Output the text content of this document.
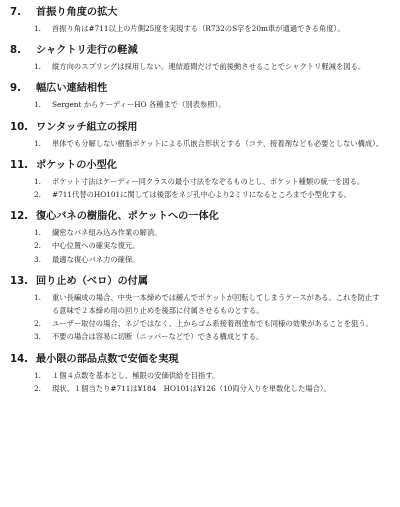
7.	首振り角度の拡大
1.	首振り角は#711以上の片側25度を実現する（R732のS字を20m車が通過できる角度）。
8.	シャクトリ走行の軽減
1.	縦方向のスプリングは採用しない。連結遊間だけで前後動させることでシャクトリ軽減を図る。
9.	幅広い連結相性
1.	Sergent からケーディーHO 各種まで（別表参照）。
10. ワンタッチ組立の採用
1.	単体でも分解しない樹脂ポケットによる爪嵌合形状とする（コテ、接着剤なども必要としない構成）。
11. ポケットの小型化
1.	ポケット寸法はケーディー同クラスの最小寸法をなぞるものとし、ポケット種類の統一を図る。
2.	#711代替のHO101に関しては後部をネジ孔中心より2ミリになるところまで小型化する。
12. 復心バネの樹脂化、ポケットへの一体化
1.	繊密なバネ組み込み作業の解消。
2.	中心位置への確実な復元。
3.	最適な復心バネ力の確保。
13. 回り止め（ベロ）の付属
1.	重い長編成の場合、中央一本締めでは緩んでポケットが回転してしまうケースがある。これを防止する意味で２本締め用の回り止めを後部に付属させるものとする。
2.	ユーザー取付の場合、ネジではなく、上からゴム系接着剤塗布でも同様の効果があることを狙う。
3.	不要の場合は容易に切断（ニッパーなどで）できる構成とする。
14. 最小限の部品点数で安価を実現
1.	１個４点数を基本とし、極限の安価供給を目指す。
2.	現状、１個当たり#711は¥184　HO101は¥126（10両分入りを単数化した場合）。
